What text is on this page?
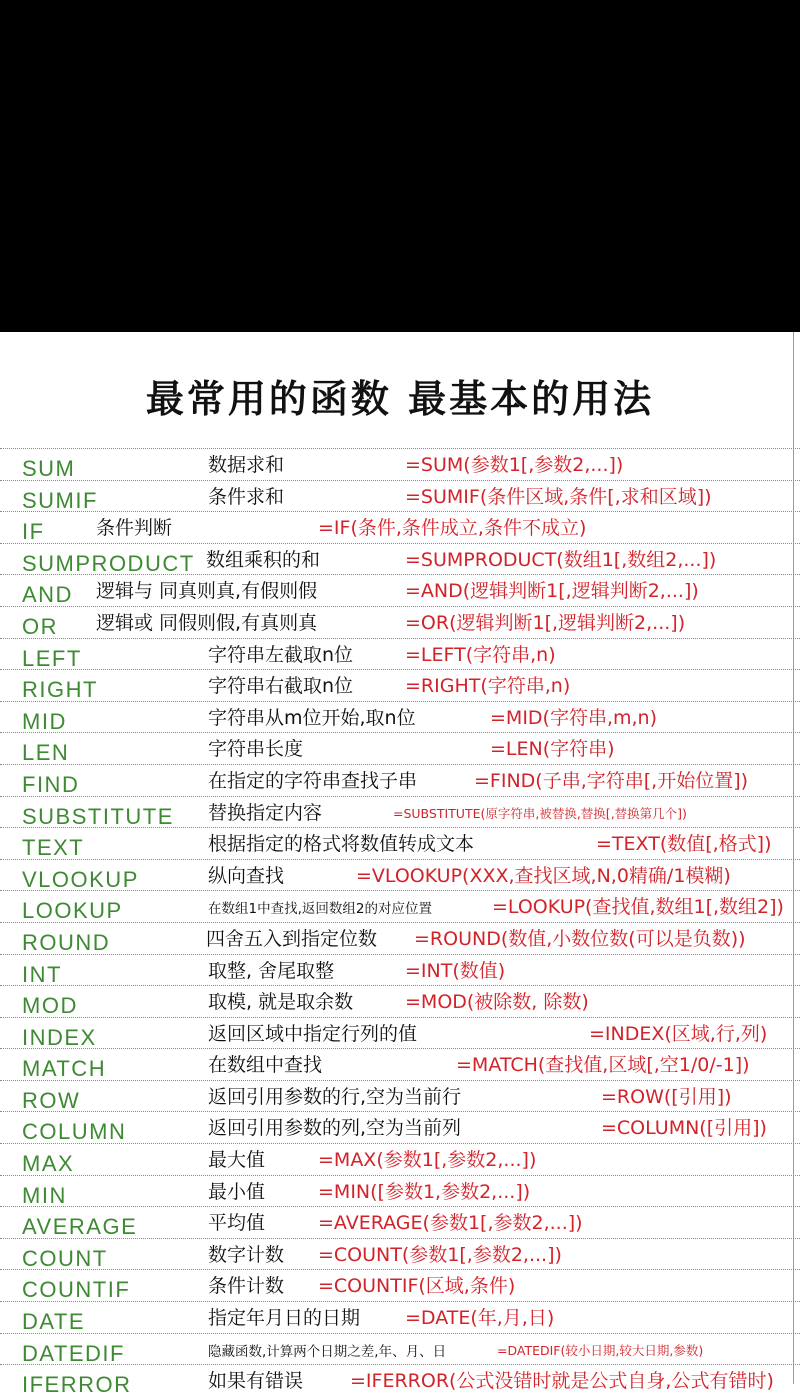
最常用的函数 最基本的用法
SUM	数据求和	=SUM(参数1[,参数2,...])
SUMIF	条件求和	=SUMIF(条件区域,条件[,求和区域])
IF	条件判断	=IF(条件,条件成立,条件不成立)
SUMPRODUCT 数组乘积的和	=SUMPRODUCT(数组1[,数组2,...])
AND 逻辑与 同真则真,有假则假	=AND(逻辑判断1[,逻辑判断2,...])
OR 逻辑或 同假则假,有真则真	=OR(逻辑判断1[,逻辑判断2,...])
LEFT	字符串左截取n位	=LEFT(字符串,n)
RIGHT	字符串右截取n位	=RIGHT(字符串,n)
MID	字符串从m位开始,取n位	=MID(字符串,m,n)
LEN	字符串长度	=LEN(字符串)
FIND	在指定的字符串查找子串	=FIND(子串,字符串[,开始位置])
SUBSTITUTE 替换指定内容	=SUBSTITUTE(原字符串,被替换,替换[,替换第几个])
TEXT	根据指定的格式将数值转成文本	=TEXT(数值[,格式])
VLOOKUP	纵向查找	=VLOOKUP(XXX,查找区域,N,0精确/1模糊)
LOOKUP	在数组1中查找,返回数组2的对应位置	=LOOKUP(查找值,数组1[,数组2])
ROUND	四舍五入到指定位数 =ROUND(数值,小数位数(可以是负数))
INT	取整, 舍尾取整	=INT(数值)
MOD	取模, 就是取余数	=MOD(被除数, 除数)
INDEX	返回区域中指定行列的值	=INDEX(区域,行,列)
MATCH	在数组中查找	=MATCH(查找值,区域[,空1/0/-1])
ROW	返回引用参数的行,空为当前行	=ROW([引用])
COLUMN	返回引用参数的列,空为当前列	=COLUMN([引用])
MAX	最大值	=MAX(参数1[,参数2,...])
MIN	最小值	=MIN([参数1,参数2,...])
AVERAGE	平均值	=AVERAGE(参数1[,参数2,...])
COUNT	数字计数 =COUNT(参数1[,参数2,...])
COUNTIF	条件计数 =COUNTIF(区域,条件)
DATE	指定年月日的日期 =DATE(年,月,日)
DATEDIF	隐藏函数,计算两个日期之差,年、月、日	=DATEDIF(较小日期,较大日期,参数)
IFERROR	如果有错误 =IFERROR(公式没错时就是公式自身,公式有错时)
